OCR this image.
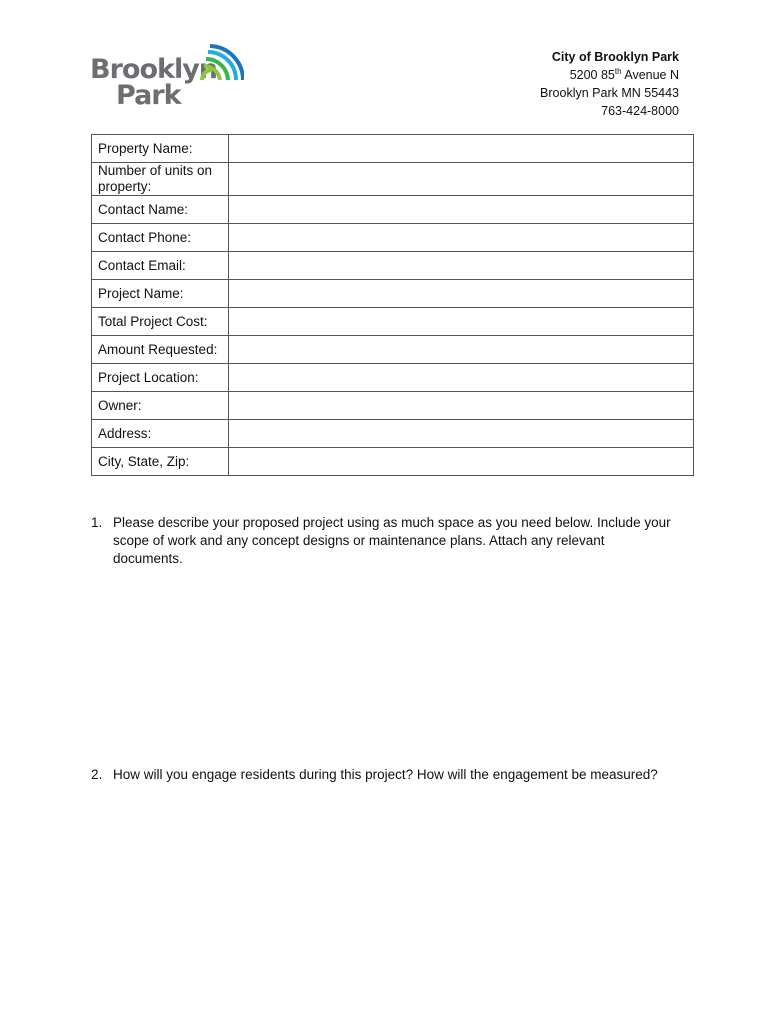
Brooklyn
Park
City of Brooklyn Park
5200 85th Avenue N
Brooklyn Park MN 55443
763-424-8000
Property Name:	
Number of units on property:	
Contact Name:	
Contact Phone:	
Contact Email:	
Project Name:	
Total Project Cost:	
Amount Requested:	
Project Location:	
Owner:	
Address:	
City, State, Zip:	
1. Please describe your proposed project using as much space as you need below. Include your scope of work and any concept designs or maintenance plans. Attach any relevant documents.
2. How will you engage residents during this project? How will the engagement be measured?
